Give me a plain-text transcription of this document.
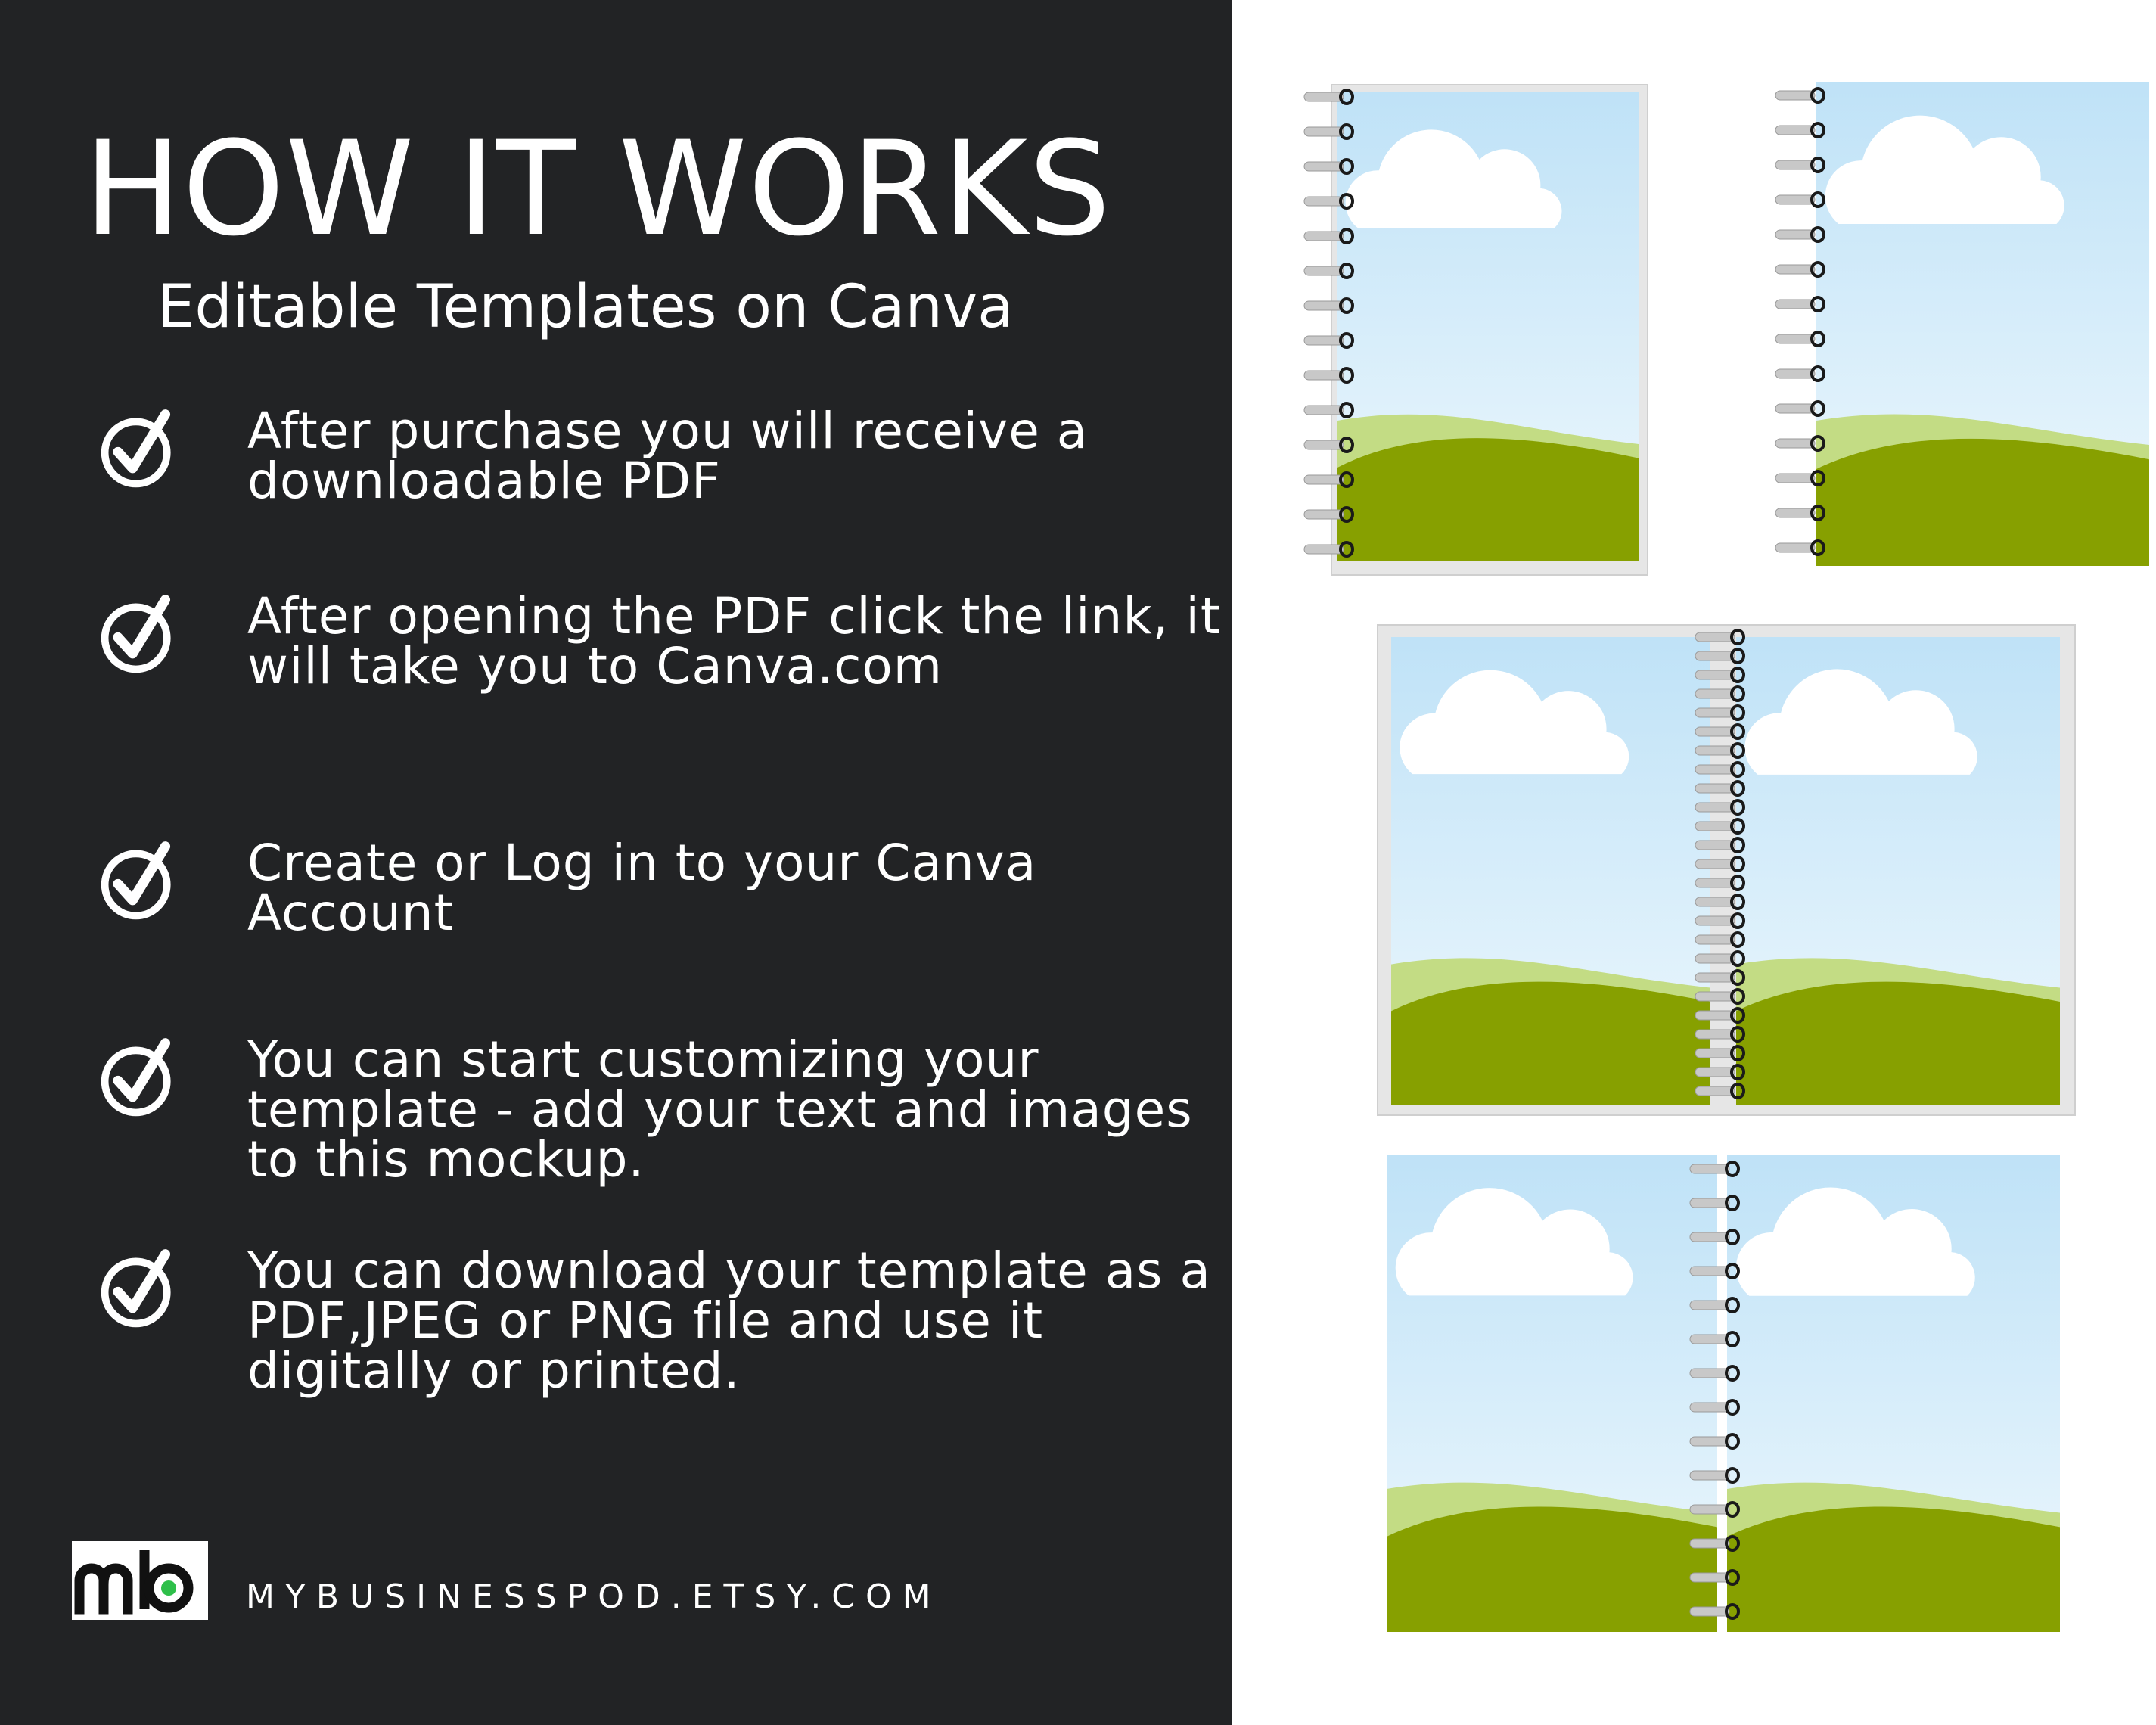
HOW IT WORKS
Editable Templates on Canva
After purchase you will receive a downloadable PDF
After opening the PDF click the link, it will take you to Canva.com
Create or Log in to your Canva Account
You can start customizing your template - add your text and images to this mockup.
You can download your template as a PDF,JPEG or PNG file and use it digitally or printed.
MYBUSINESSPOD.ETSY.COM
